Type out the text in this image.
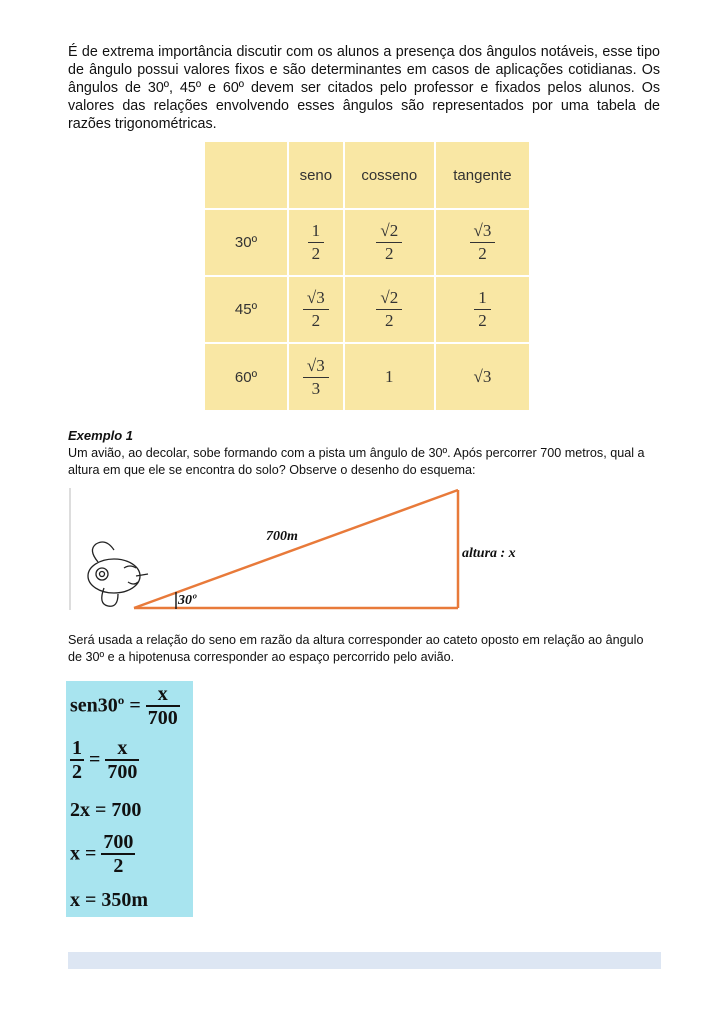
É de extrema importância discutir com os alunos a presença dos ângulos notáveis, esse tipo de ângulo possui valores fixos e são determinantes em casos de aplicações cotidianas. Os ângulos de 30º, 45º e 60º devem ser citados pelo professor e fixados pelos alunos. Os valores das relações envolvendo esses ângulos são representados por uma tabela de razões trigonométricas.
	seno	cosseno	tangente
30º	$\frac{1}{2}$	$\frac{√2}{2}$	$\frac{√3}{2}$

45º	$\frac{√3}{2}$	$\frac{√2}{2}$	$\frac{1}{2}$

60º	$\frac{√3}{3}$	1	√3
Exemplo 1
Um avião, ao decolar, sobe formando com a pista um ângulo de 30º. Após percorrer 700 metros, qual a altura em que ele se encontra do solo? Observe o desenho do esquema:
700m
altura : x
30º
Será usada a relação do seno em razão da altura corresponder ao cateto oposto em relação ao ângulo de 30º e a hipotenusa corresponder ao espaço percorrido pelo avião.
sen30º = $\frac{x}{700}$
$\frac{1}{2} = \frac{x}{700}$
2x = 700
$x = \frac{700}{2}$
x = 350m
